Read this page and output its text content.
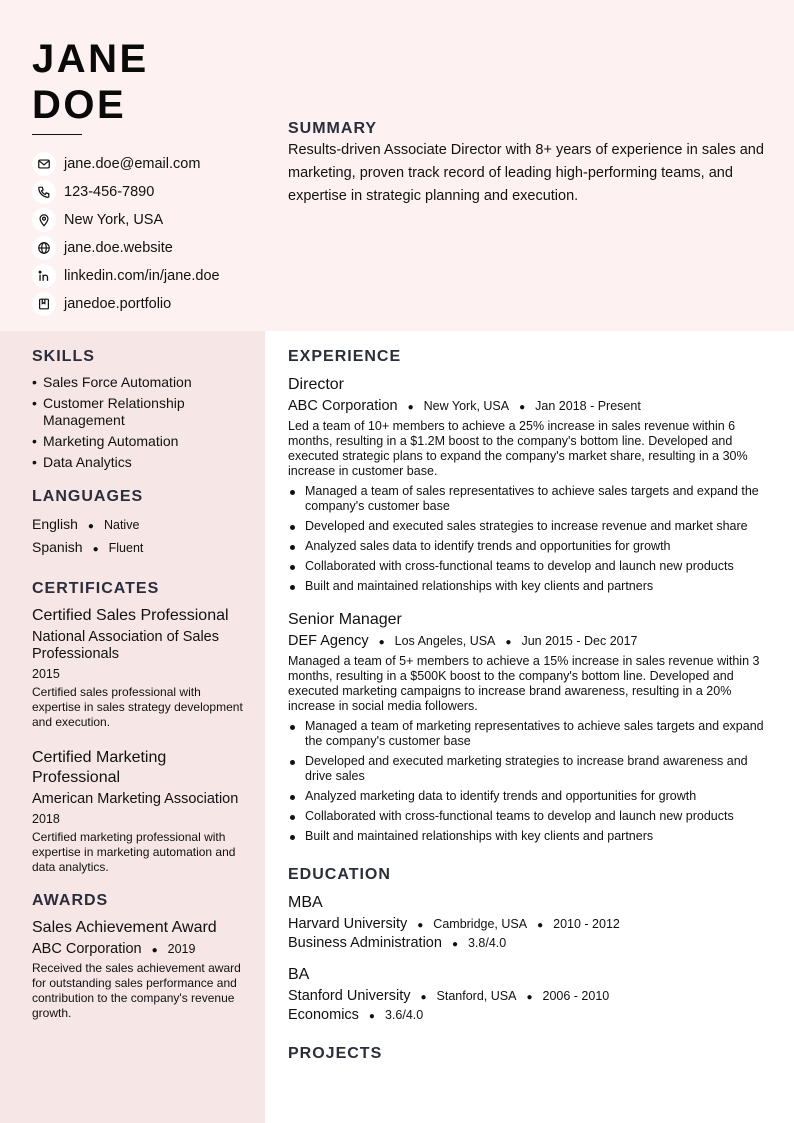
JANE
DOE
jane.doe@email.com
123-456-7890
New York, USA
jane.doe.website
linkedin.com/in/jane.doe
janedoe.portfolio
SUMMARY

Results-driven Associate Director with 8+ years of experience in sales and marketing, proven track record of leading high-performing teams, and expertise in strategic planning and execution.

SKILLS
• Sales Force Automation
• Customer Relationship Management
• Marketing Automation
• Data Analytics
LANGUAGES
English ● Native
Spanish ● Fluent
CERTIFICATES
Certified Sales Professional
National Association of Sales Professionals
2015
Certified sales professional with expertise in sales strategy development and execution.
Certified Marketing Professional
American Marketing Association
2018
Certified marketing professional with expertise in marketing automation and data analytics.
AWARDS
Sales Achievement Award
ABC Corporation ● 2019
Received the sales achievement award for outstanding sales performance and contribution to the company's revenue growth.
EXPERIENCE
Director
ABC Corporation ● New York, USA ● Jan 2018 - Present

Led a team of 10+ members to achieve a 25% increase in sales revenue within 6 months, resulting in a $1.2M boost to the company's bottom line. Developed and executed strategic plans to expand the company's market share, resulting in a 30% increase in customer base.

Managed a team of sales representatives to achieve sales targets and expand the company's customer base
Developed and executed sales strategies to increase revenue and market share
Analyzed sales data to identify trends and opportunities for growth
Collaborated with cross-functional teams to develop and launch new products
Built and maintained relationships with key clients and partners
Senior Manager
DEF Agency ● Los Angeles, USA ● Jun 2015 - Dec 2017

Managed a team of 5+ members to achieve a 15% increase in sales revenue within 3 months, resulting in a $500K boost to the company's bottom line. Developed and executed marketing campaigns to increase brand awareness, resulting in a 20% increase in social media followers.

Managed a team of marketing representatives to achieve sales targets and expand the company's customer base
Developed and executed marketing strategies to increase brand awareness and drive sales
Analyzed marketing data to identify trends and opportunities for growth
Collaborated with cross-functional teams to develop and launch new products
Built and maintained relationships with key clients and partners
EDUCATION
MBA
Harvard University ● Cambridge, USA ● 2010 - 2012
Business Administration ● 3.8/4.0
BA
Stanford University ● Stanford, USA ● 2006 - 2010
Economics ● 3.6/4.0
PROJECTS
